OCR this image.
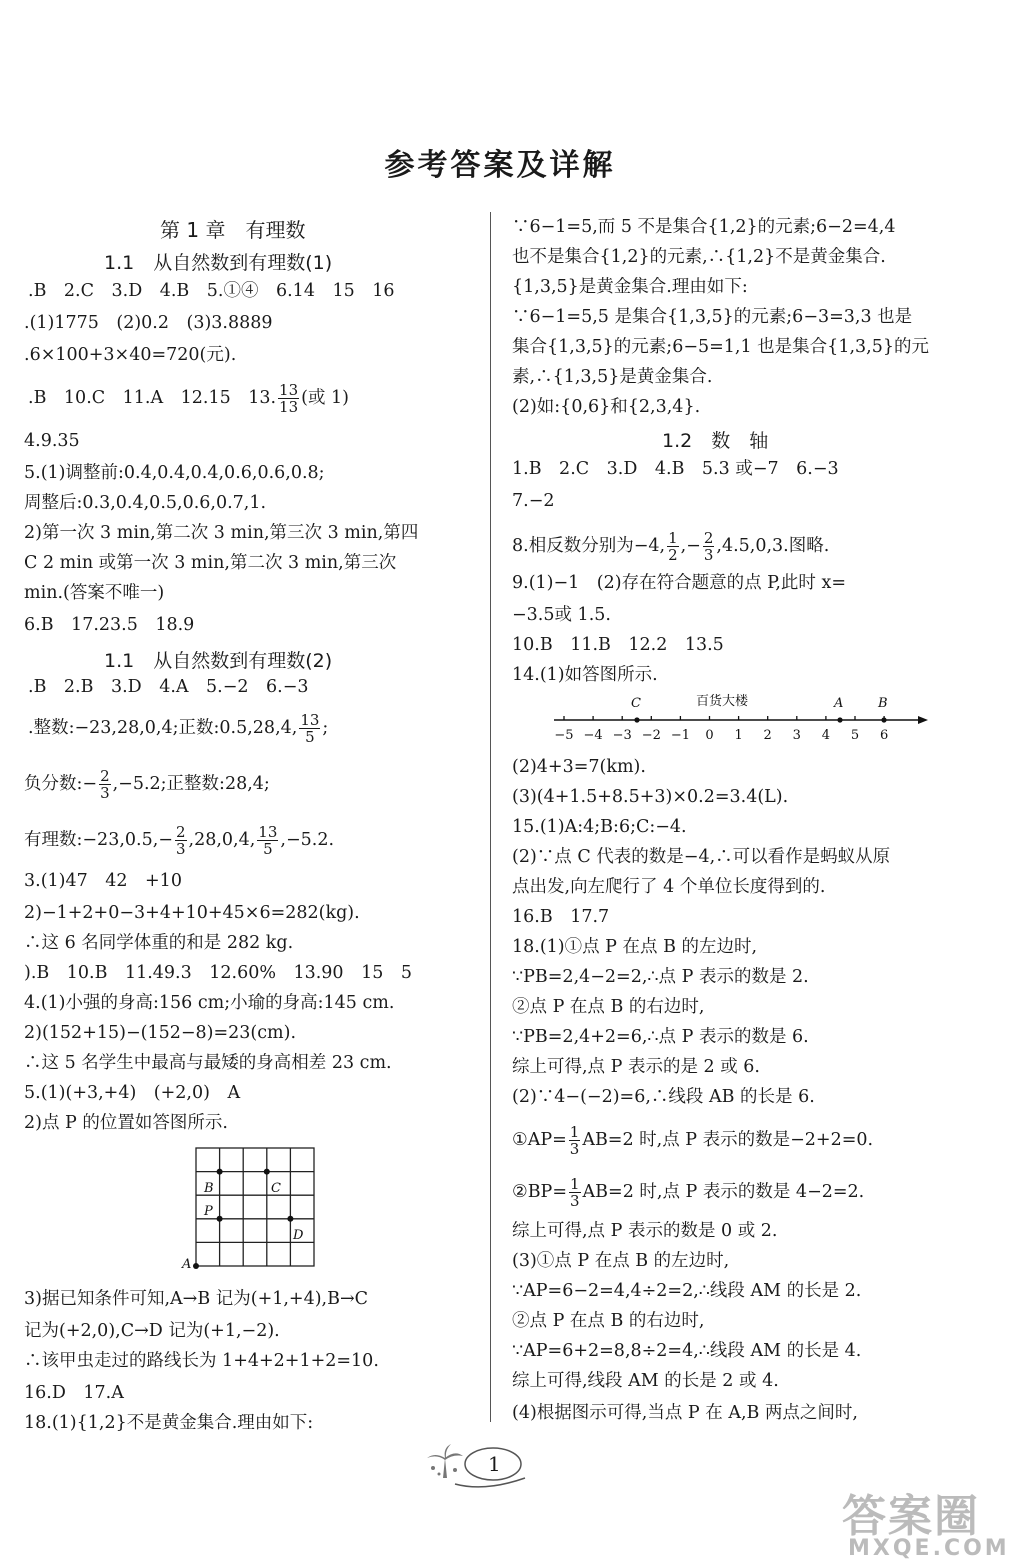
参考答案及详解
第 1 章　有理数
1.1　从自然数到有理数(1)
.B　2.C　3.D　4.B　5.①④　6.14　15　16
.(1)1775　(2)0.2　(3)3.8889
.6×100+3×40=720(元).
.B　10.C　11.A　12.15　13. $\frac{13}{13}$ (或 1)
4.9.35
5.(1)调整前:0.4,0.4,0.4,0.6,0.6,0.8;
周整后:0.3,0.4,0.5,0.6,0.7,1.
2)第一次 3 min,第二次 3 min,第三次 3 min,第四
C 2 min 或第一次 3 min,第二次 3 min,第三次
min.(答案不唯一)
6.B　17.23.5　18.9
1.1　从自然数到有理数(2)
.B　2.B　3.D　4.A　5.−2　6.−3
.整数:−23,28,0,4;正数:0.5,28,4, $\frac{13}{5}$ ;
负分数:− $\frac{2}{3} ,-5.2$;正整数:28,4;
有理数:−23,0.5,− $\frac{2}{3} ,28,0,4$, $\frac{13}{5} ,-5.2$.
3.(1)47　42　+10
2)−1+2+0−3+4+10+45×6=282(kg).
∴这 6 名同学体重的和是 282 kg.
).B　10.B　11.49.3　12.60%　13.90　15　5
4.(1)小强的身高:156 cm;小瑜的身高:145 cm.
2)(152+15)−(152−8)=23(cm).
∴这 5 名学生中最高与最矮的身高相差 23 cm.
5.(1)(+3,+4)　(+2,0)　A
2)点 P 的位置如答图所示.
A
B	C
D
P
3)据已知条件可知,A→B 记为(+1,+4),B→C
记为(+2,0),C→D 记为(+1,−2).
∴该甲虫走过的路线长为 1+4+2+1+2=10.
16.D　17.A
18.(1){1,2}不是黄金集合.理由如下:
∵6−1=5,而 5 不是集合{1,2}的元素;6−2=4,4
也不是集合{1,2}的元素,∴{1,2}不是黄金集合.
{1,3,5}是黄金集合.理由如下:
∵6−1=5,5 是集合{1,3,5}的元素;6−3=3,3 也是
集合{1,3,5}的元素;6−5=1,1 也是集合{1,3,5}的元
素,∴{1,3,5}是黄金集合.
(2)如:{0,6}和{2,3,4}.
1.2　数　轴
1.B　2.C　3.D　4.B　5.3 或−7　6.−3
7.−2
8.相反数分别为−4, $\frac{1}{2}$ ,− $\frac{2}{3} ,4.5,0,3$.图略.
9.(1)−1　(2)存在符合题意的点 P,此时 x=
−3.5或 1.5.
10.B　11.B　12.2　13.5
14.(1)如答图所示.
−5 −4 −3 −2 −1 0 1 2 3 4 5 6
C	A	B
百货大楼
(2)4+3=7(km).
(3)(4+1.5+8.5+3)×0.2=3.4(L).
15.(1)A:4;B:6;C:−4.
(2)∵点 C 代表的数是−4,∴可以看作是蚂蚁从原
点出发,向左爬行了 4 个单位长度得到的.
16.B　17.7
18.(1)①点 P 在点 B 的左边时,
∵PB=2,4−2=2,∴点 P 表示的数是 2.
②点 P 在点 B 的右边时,
∵PB=2,4+2=6,∴点 P 表示的数是 6.
综上可得,点 P 表示的是 2 或 6.
(2)∵4−(−2)=6,∴线段 AB 的长是 6.
①AP= $\frac{1}{3} AB=2$ 时,点 P 表示的数是−2+2=0.
②BP= $\frac{1}{3} AB=2$ 时,点 P 表示的数是 4−2=2.
综上可得,点 P 表示的数是 0 或 2.
(3)①点 P 在点 B 的左边时,
∵AP=6−2=4,4÷2=2,∴线段 AM 的长是 2.
②点 P 在点 B 的右边时,
∵AP=6+2=8,8÷2=4,∴线段 AM 的长是 4.
综上可得,线段 AM 的长是 2 或 4.
(4)根据图示可得,当点 P 在 A,B 两点之间时,
1
答案圈
MXQE.COM
